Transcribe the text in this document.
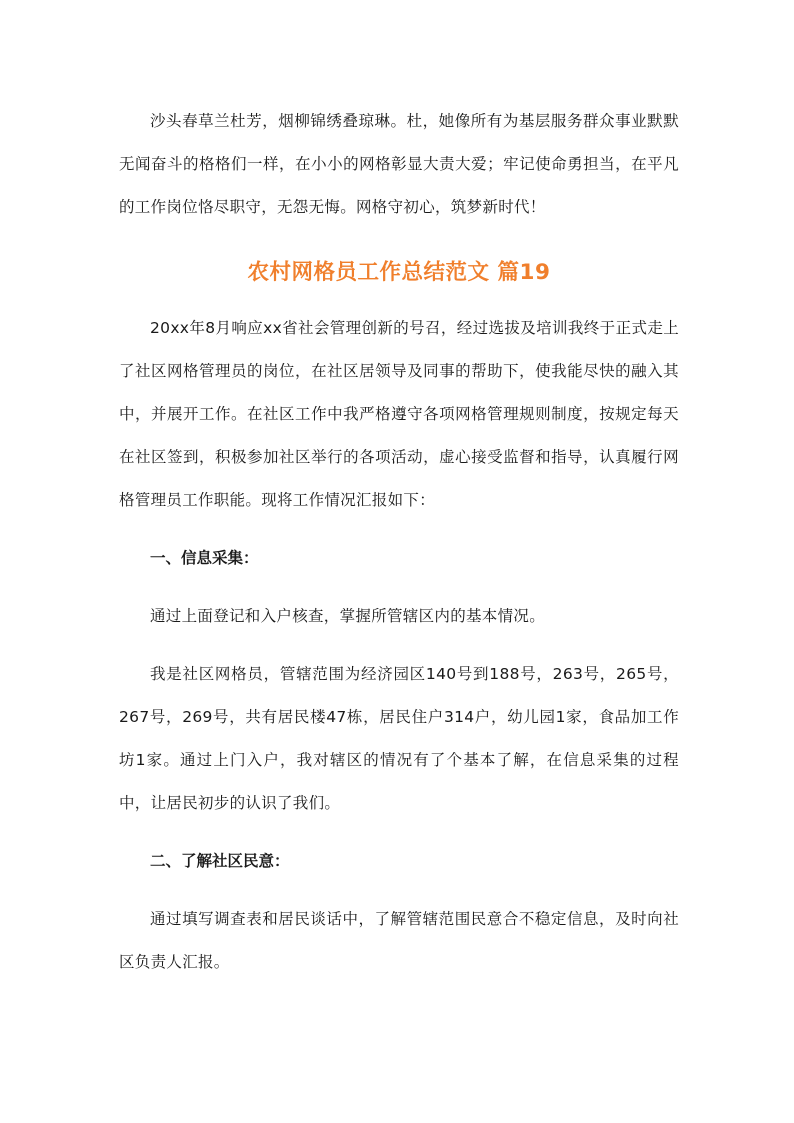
沙头春草兰杜芳，烟柳锦绣叠琼琳。杜，她像所有为基层服务群众事业默默无闻奋斗的格格们一样，在小小的网格彰显大责大爱；牢记使命勇担当，在平凡的工作岗位恪尽职守，无怨无悔。网格守初心，筑梦新时代！

农村网格员工作总结范文 篇19

20xx年8月响应xx省社会管理创新的号召，经过选拔及培训我终于正式走上了社区网格管理员的岗位，在社区居领导及同事的帮助下，使我能尽快的融入其中，并展开工作。在社区工作中我严格遵守各项网格管理规则制度，按规定每天在社区签到，积极参加社区举行的各项活动，虚心接受监督和指导，认真履行网格管理员工作职能。现将工作情况汇报如下：

一、信息采集：

通过上面登记和入户核查，掌握所管辖区内的基本情况。

我是社区网格员，管辖范围为经济园区140号到188号，263号，265号，267号，269号，共有居民楼47栋，居民住户314户，幼儿园1家，食品加工作坊1家。通过上门入户，我对辖区的情况有了个基本了解，在信息采集的过程中，让居民初步的认识了我们。

二、了解社区民意：

通过填写调查表和居民谈话中，了解管辖范围民意合不稳定信息，及时向社区负责人汇报。
